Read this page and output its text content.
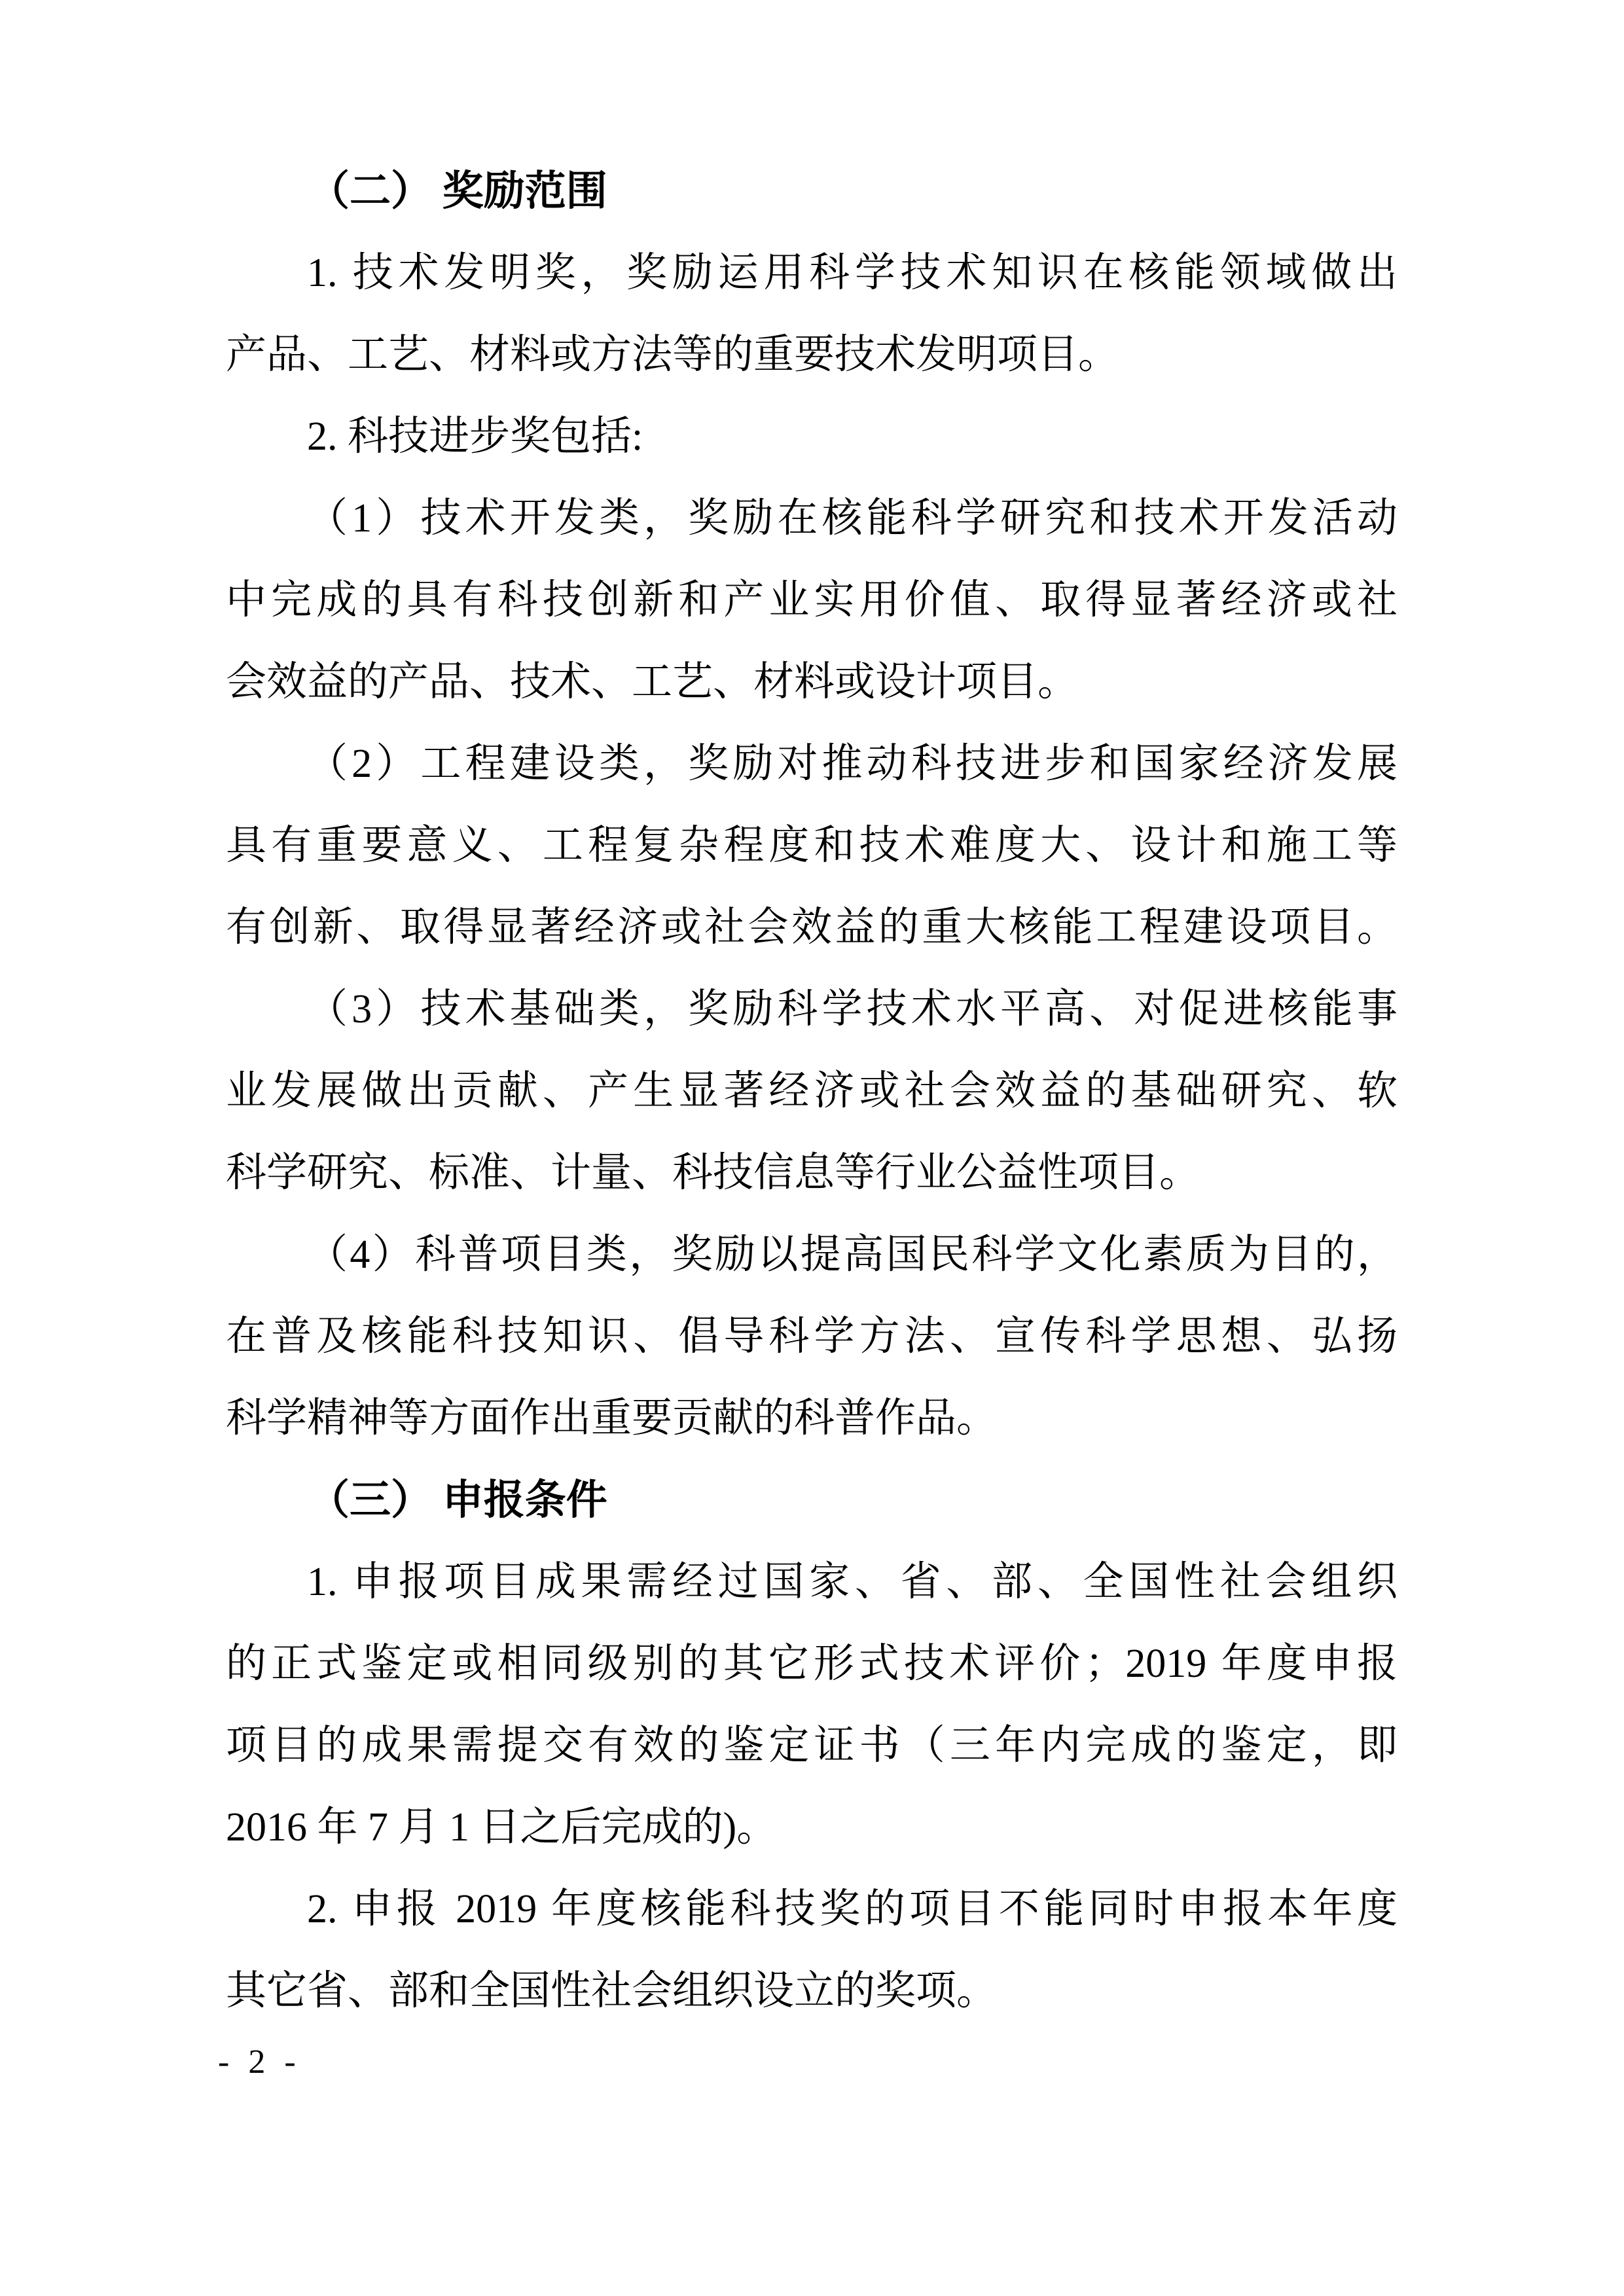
（二） 奖励范围
1. 技术发明奖，奖励运用科学技术知识在核能领域做出
产品、工艺、材料或方法等的重要技术发明项目。
2. 科技进步奖包括:
（1）技术开发类，奖励在核能科学研究和技术开发活动
中完成的具有科技创新和产业实用价值、取得显著经济或社
会效益的产品、技术、工艺、材料或设计项目。
（2）工程建设类，奖励对推动科技进步和国家经济发展
具有重要意义、工程复杂程度和技术难度大、设计和施工等
有创新、取得显著经济或社会效益的重大核能工程建设项目。
（3）技术基础类，奖励科学技术水平高、对促进核能事
业发展做出贡献、产生显著经济或社会效益的基础研究、软
科学研究、标准、计量、科技信息等行业公益性项目。
（4）科普项目类，奖励以提高国民科学文化素质为目的，
在普及核能科技知识、倡导科学方法、宣传科学思想、弘扬
科学精神等方面作出重要贡献的科普作品。
（三） 申报条件
1. 申报项目成果需经过国家、省、部、全国性社会组织
的正式鉴定或相同级别的其它形式技术评价；2019 年度申报
项目的成果需提交有效的鉴定证书（三年内完成的鉴定，即
2016 年 7 月 1 日之后完成的)。
2. 申报 2019 年度核能科技奖的项目不能同时申报本年度
其它省、部和全国性社会组织设立的奖项。
- 2 -
